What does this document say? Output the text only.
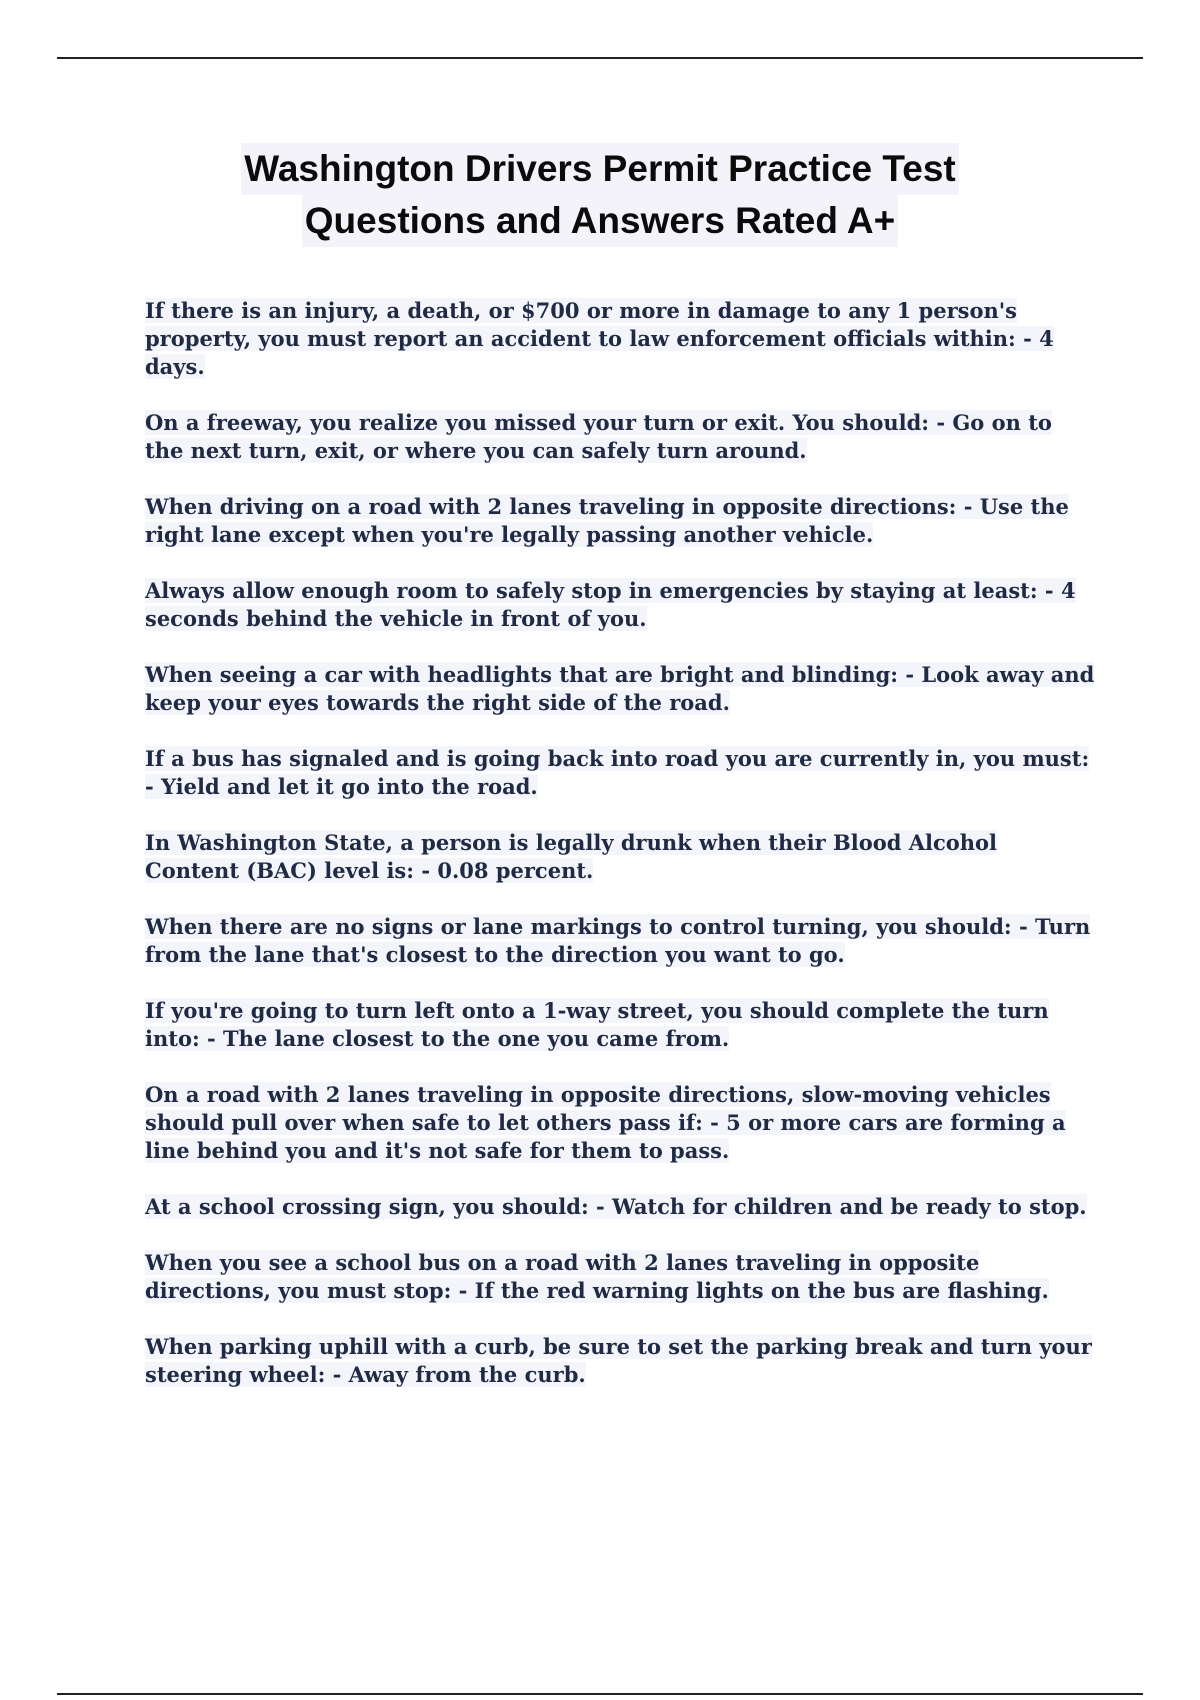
Washington Drivers Permit Practice Test
Questions and Answers Rated A+
If there is an injury, a death, or $700 or more in damage to any 1 person's property, you must report an accident to law enforcement officials within: - 4 days.
On a freeway, you realize you missed your turn or exit. You should: - Go on to the next turn, exit, or where you can safely turn around.
When driving on a road with 2 lanes traveling in opposite directions: - Use the right lane except when you're legally passing another vehicle.
Always allow enough room to safely stop in emergencies by staying at least: - 4 seconds behind the vehicle in front of you.
When seeing a car with headlights that are bright and blinding: - Look away and keep your eyes towards the right side of the road.
If a bus has signaled and is going back into road you are currently in, you must: - Yield and let it go into the road.
In Washington State, a person is legally drunk when their Blood Alcohol Content (BAC) level is: - 0.08 percent.
When there are no signs or lane markings to control turning, you should: - Turn from the lane that's closest to the direction you want to go.
If you're going to turn left onto a 1-way street, you should complete the turn into: - The lane closest to the one you came from.
On a road with 2 lanes traveling in opposite directions, slow-moving vehicles should pull over when safe to let others pass if: - 5 or more cars are forming a line behind you and it's not safe for them to pass.
At a school crossing sign, you should: - Watch for children and be ready to stop.
When you see a school bus on a road with 2 lanes traveling in opposite directions, you must stop: - If the red warning lights on the bus are flashing.
When parking uphill with a curb, be sure to set the parking break and turn your steering wheel: - Away from the curb.
